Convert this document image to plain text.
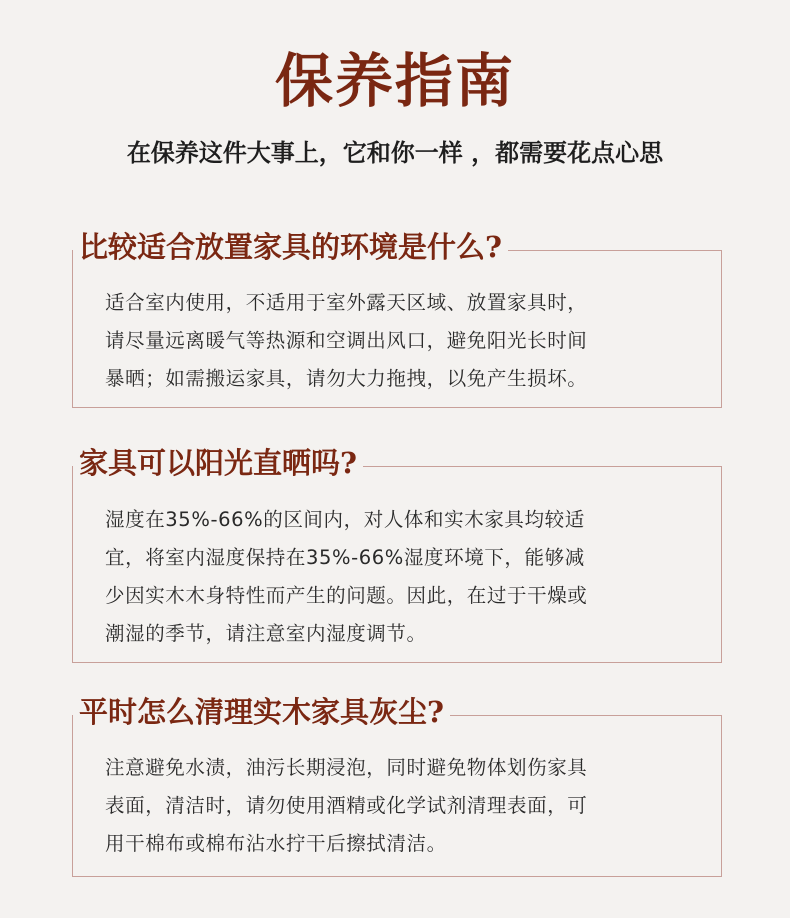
保养指南
在保养这件大事上，它和你一样 ，都需要花点心思
比较适合放置家具的环境是什么?
适合室内使用，不适用于室外露天区域、放置家具时，
请尽量远离暖气等热源和空调出风口，避免阳光长时间
暴晒；如需搬运家具，请勿大力拖拽，以免产生损坏。
家具可以阳光直晒吗?
湿度在35%-66%的区间内，对人体和实木家具均较适
宜，将室内湿度保持在35%-66%湿度环境下，能够减
少因实木木身特性而产生的问题。因此，在过于干燥或
潮湿的季节，请注意室内湿度调节。
平时怎么清理实木家具灰尘?
注意避免水渍，油污长期浸泡，同时避免物体划伤家具
表面，清洁时，请勿使用酒精或化学试剂清理表面，可
用干棉布或棉布沾水拧干后擦拭清洁。
